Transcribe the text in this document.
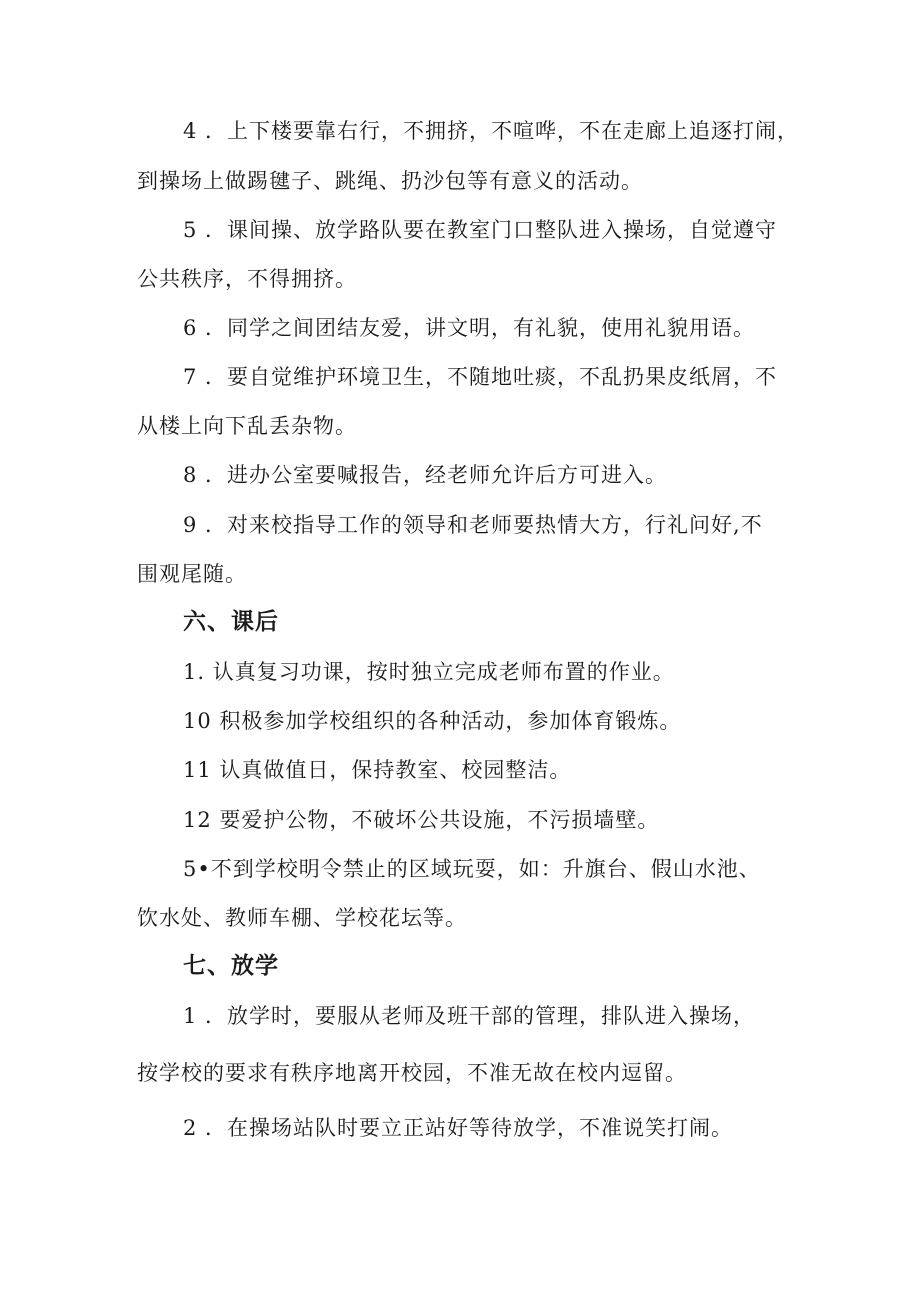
4 ．上下楼要靠右行，不拥挤，不喧哗，不在走廊上追逐打闹，
到操场上做踢毽子、跳绳、扔沙包等有意义的活动。
5 ．课间操、放学路队要在教室门口整队进入操场，自觉遵守
公共秩序，不得拥挤。
6 ．同学之间团结友爱，讲文明，有礼貌，使用礼貌用语。
7 ．要自觉维护环境卫生，不随地吐痰，不乱扔果皮纸屑，不
从楼上向下乱丢杂物。
8 ．进办公室要喊报告，经老师允许后方可进入。
9 ．对来校指导工作的领导和老师要热情大方，行礼问好,不
围观尾随。
六、课后
1. 认真复习功课，按时独立完成老师布置的作业。
10 积极参加学校组织的各种活动，参加体育锻炼。
11 认真做值日，保持教室、校园整洁。
12 要爱护公物，不破坏公共设施，不污损墙壁。
5•不到学校明令禁止的区域玩耍，如：升旗台、假山水池、
饮水处、教师车棚、学校花坛等。
七、放学
1 ．放学时，要服从老师及班干部的管理，排队进入操场，
按学校的要求有秩序地离开校园，不准无故在校内逗留。
2 ．在操场站队时要立正站好等待放学，不准说笑打闹。
